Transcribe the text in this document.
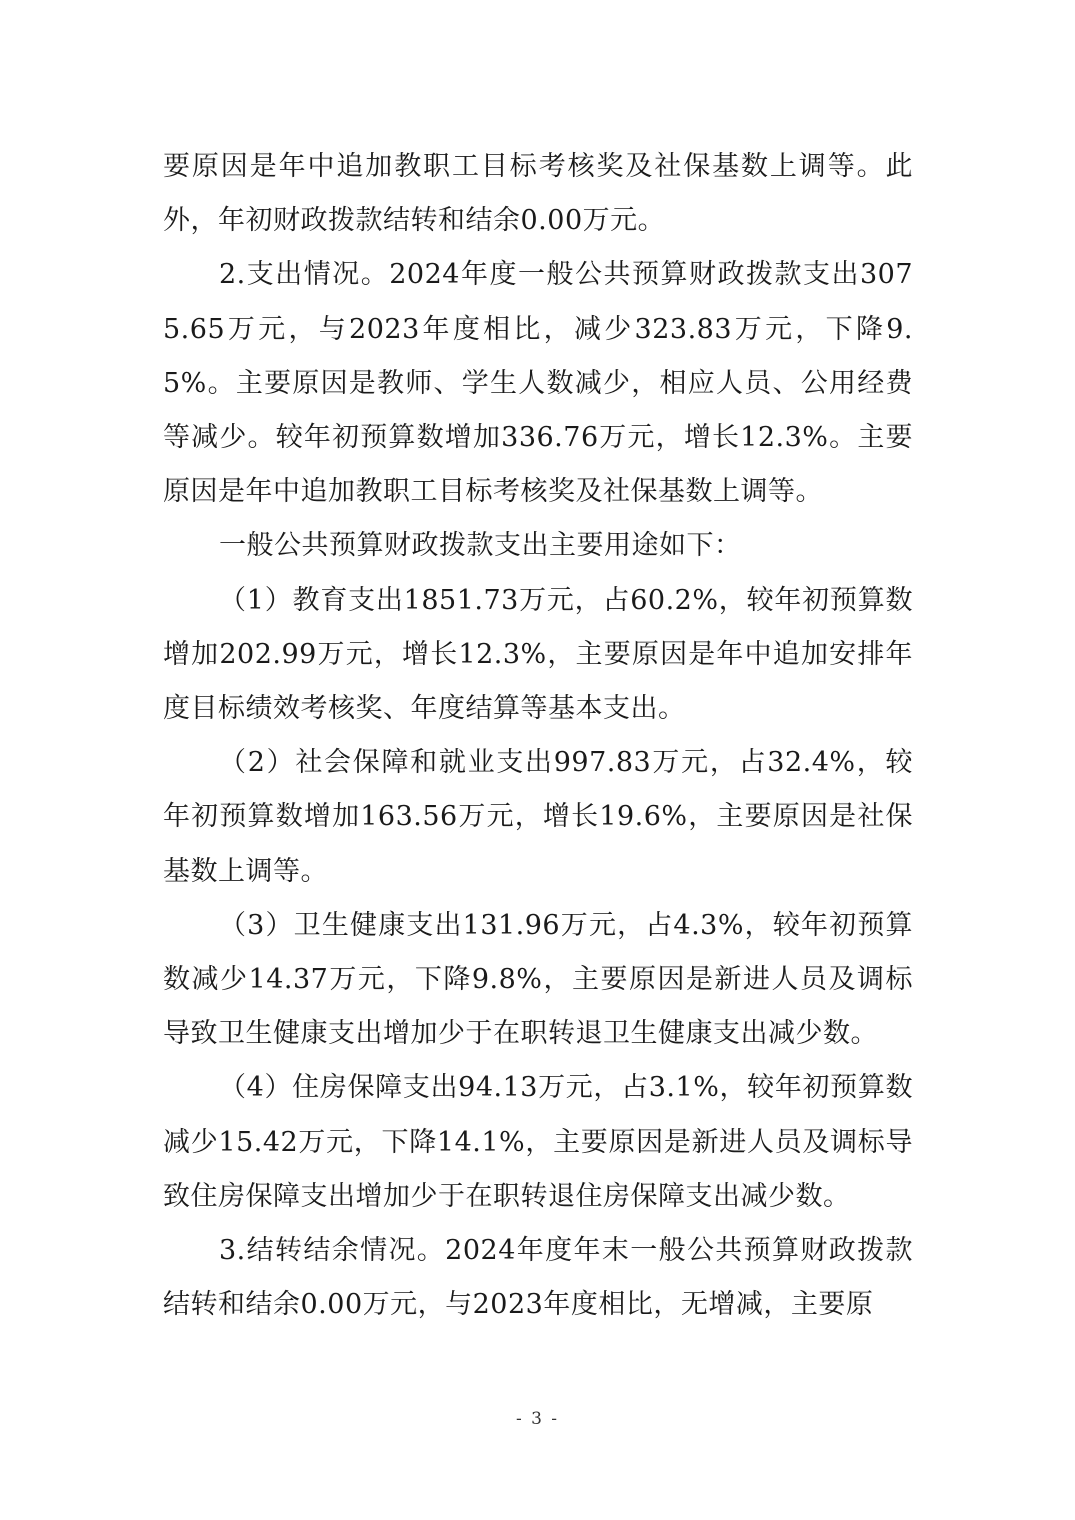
要原因是年中追加教职工目标考核奖及社保基数上调等。此外，年初财政拨款结转和结余0.00万元。

2.支出情况。2024年度一般公共预算财政拨款支出3075.65万元，与2023年度相比，减少323.83万元，下降9.5%。主要原因是教师、学生人数减少，相应人员、公用经费等减少。较年初预算数增加336.76万元，增长12.3%。主要原因是年中追加教职工目标考核奖及社保基数上调等。

一般公共预算财政拨款支出主要用途如下：

（1）教育支出1851.73万元，占60.2%，较年初预算数增加202.99万元，增长12.3%，主要原因是年中追加安排年度目标绩效考核奖、年度结算等基本支出。

（2）社会保障和就业支出997.83万元，占32.4%，较年初预算数增加163.56万元，增长19.6%，主要原因是社保基数上调等。

（3）卫生健康支出131.96万元，占4.3%，较年初预算数减少14.37万元，下降9.8%，主要原因是新进人员及调标导致卫生健康支出增加少于在职转退卫生健康支出减少数。

（4）住房保障支出94.13万元，占3.1%，较年初预算数减少15.42万元，下降14.1%，主要原因是新进人员及调标导致住房保障支出增加少于在职转退住房保障支出减少数。

3.结转结余情况。2024年度年末一般公共预算财政拨款结转和结余0.00万元，与2023年度相比，无增减，主要原

- 3 -
